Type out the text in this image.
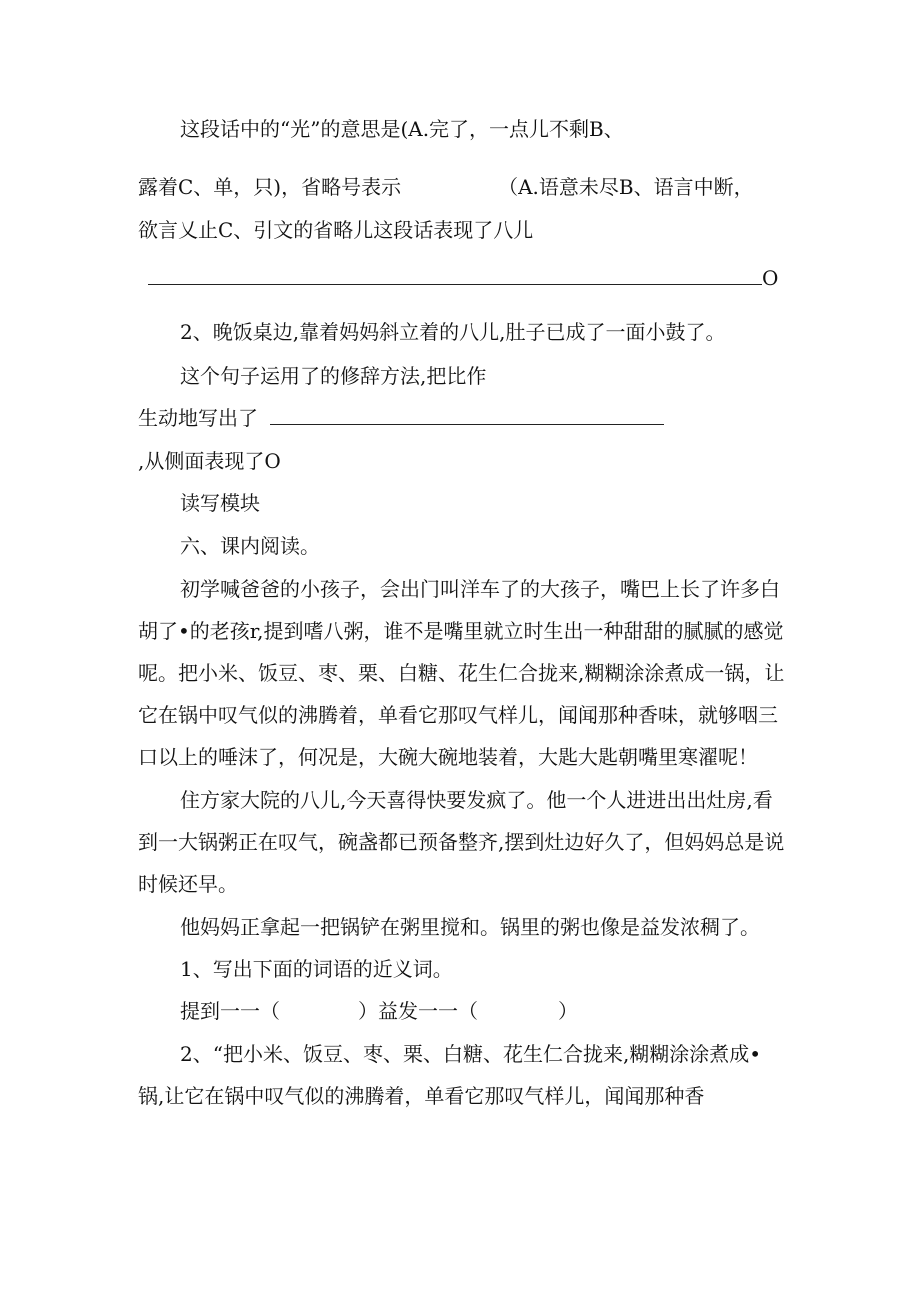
这段话中的“光”的意思是(A.完了，一点儿不剩B、
露着C、单，只)，省略号表示	（A.语意未尽B、语言中断，
欲言乂止C、引文的省略儿这段话表现了八儿
O
2、晚饭桌边,靠着妈妈斜立着的八儿,肚子已成了一面小鼓了。
这个句子运用了的修辞方法,把比作
生动地写出了
,从侧面表现了O
读写模块
六、课内阅读。
初学喊爸爸的小孩子，会出门叫洋车了的大孩子，嘴巴上长了许多白
胡了•的老孩r,提到嗜八粥，谁不是嘴里就立时生出一种甜甜的腻腻的感觉
呢。把小米、饭豆、枣、栗、白糖、花生仁合拢来,糊糊涂涂煮成一锅，让
它在锅中叹气似的沸腾着，单看它那叹气样儿，闻闻那种香味，就够咽三
口以上的唾沫了，何况是，大碗大碗地装着，大匙大匙朝嘴里寒濯呢！
住方家大院的八儿,今天喜得快要发疯了。他一个人进进出出灶房,看
到一大锅粥正在叹气，碗盏都已预备整齐,摆到灶边好久了，但妈妈总是说
时候还早。
他妈妈正拿起一把锅铲在粥里搅和。锅里的粥也像是益发浓稠了。
1、写出下面的词语的近义词。
提到一一（	）益发一一（	）
2、“把小米、饭豆、枣、栗、白糖、花生仁合拢来,糊糊涂涂煮成•
锅,让它在锅中叹气似的沸腾着，单看它那叹气样儿，闻闻那种香
